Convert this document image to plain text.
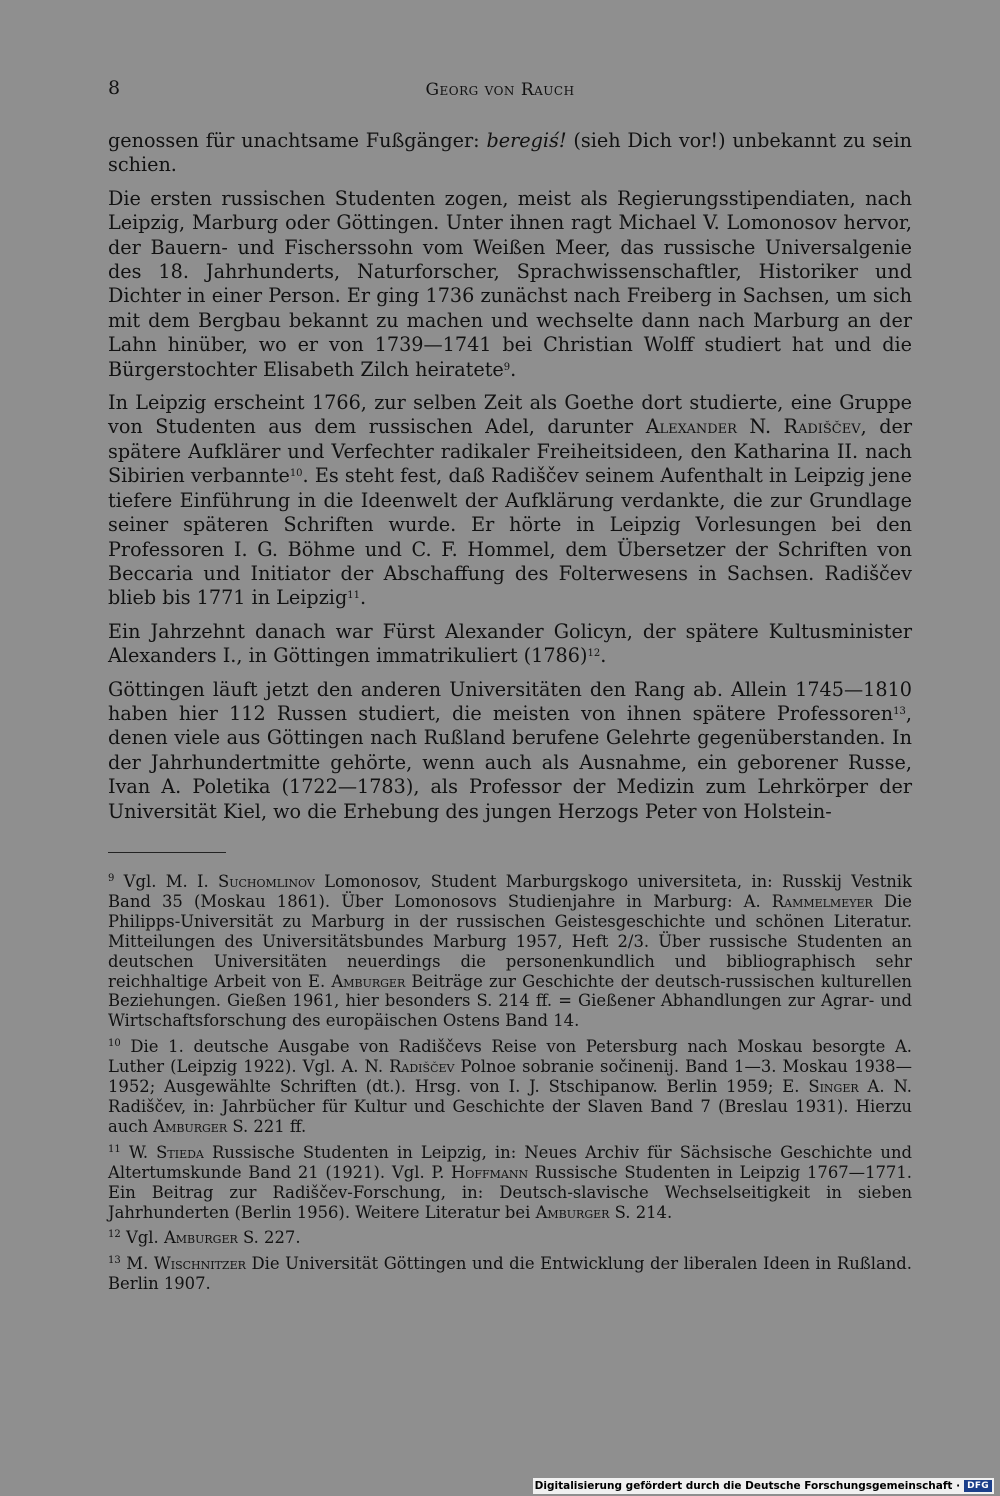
8	Georg von Rauch

genossen für unachtsame Fußgänger: beregiś! (sieh Dich vor!) unbekannt zu sein schien.

Die ersten russischen Studenten zogen, meist als Regierungsstipendiaten, nach Leipzig, Marburg oder Göttingen. Unter ihnen ragt Michael V. Lomonosov hervor, der Bauern- und Fischerssohn vom Weißen Meer, das russische Universalgenie des 18. Jahrhunderts, Naturforscher, Sprachwissenschaftler, Historiker und Dichter in einer Person. Er ging 1736 zunächst nach Freiberg in Sachsen, um sich mit dem Bergbau bekannt zu machen und wechselte dann nach Marburg an der Lahn hinüber, wo er von 1739—1741 bei Christian Wolff studiert hat und die Bürgerstochter Elisabeth Zilch heiratete$^9$.

In Leipzig erscheint 1766, zur selben Zeit als Goethe dort studierte, eine Gruppe von Studenten aus dem russischen Adel, darunter Alexander N. Radiščev, der spätere Aufklärer und Verfechter radikaler Freiheitsideen, den Katharina II. nach Sibirien verbannte$^{10}$. Es steht fest, daß Radiščev seinem Aufenthalt in Leipzig jene tiefere Einführung in die Ideenwelt der Aufklärung verdankte, die zur Grundlage seiner späteren Schriften wurde. Er hörte in Leipzig Vorlesungen bei den Professoren I. G. Böhme und C. F. Hommel, dem Übersetzer der Schriften von Beccaria und Initiator der Abschaffung des Folterwesens in Sachsen. Radiščev blieb bis 1771 in Leipzig$^{11}$.

Ein Jahrzehnt danach war Fürst Alexander Golicyn, der spätere Kultusminister Alexanders I., in Göttingen immatrikuliert $(1786)^{12}$.

Göttingen läuft jetzt den anderen Universitäten den Rang ab. Allein 1745—1810 haben hier 112 Russen studiert, die meisten von ihnen spätere Professoren$^{13}$, denen viele aus Göttingen nach Rußland berufene Gelehrte gegenüberstanden. In der Jahrhundertmitte gehörte, wenn auch als Ausnahme, ein geborener Russe, Ivan A. Poletika (1722—1783), als Professor der Medizin zum Lehrkörper der Universität Kiel, wo die Erhebung des jungen Herzogs Peter von Holstein-

$^9$ Vgl. M. I. Suchomlinov Lomonosov, Student Marburgskogo universiteta, in: Russkij Vestnik Band 35 (Moskau 1861). Über Lomonosovs Studienjahre in Marburg: A. Rammelmeyer Die Philipps-Universität zu Marburg in der russischen Geistesgeschichte und schönen Literatur. Mitteilungen des Universitätsbundes Marburg 1957, Heft 2/3. Über russische Studenten an deutschen Universitäten neuerdings die personenkundlich und bibliographisch sehr reichhaltige Arbeit von E. Amburger Beiträge zur Geschichte der deutsch-russischen kulturellen Beziehungen. Gießen 1961, hier besonders S. 214 ff. = Gießener Abhandlungen zur Agrar- und Wirtschaftsforschung des europäischen Ostens Band 14.
$^{10}$ Die 1. deutsche Ausgabe von Radiščevs Reise von Petersburg nach Moskau besorgte A. Luther (Leipzig 1922). Vgl. A. N. Radiščev Polnoe sobranie sočinenij. Band 1—3. Moskau 1938—1952; Ausgewählte Schriften (dt.). Hrsg. von I. J. Stschipanow. Berlin 1959; E. Singer A. N. Radiščev, in: Jahrbücher für Kultur und Geschichte der Slaven Band 7 (Breslau 1931). Hierzu auch Amburger S. 221 ff.
$^{11}$ W. Stieda Russische Studenten in Leipzig, in: Neues Archiv für Sächsische Geschichte und Altertumskunde Band 21 (1921). Vgl. P. Hoffmann Russische Studenten in Leipzig 1767—1771. Ein Beitrag zur Radiščev-Forschung, in: Deutsch-slavische Wechselseitigkeit in sieben Jahrhunderten (Berlin 1956). Weitere Literatur bei Amburger S. 214.
$^{12}$ Vgl. Amburger S. 227.
$^{13}$ M. Wischnitzer Die Universität Göttingen und die Entwicklung der liberalen Ideen in Rußland. Berlin 1907.
Digitalisierung gefördert durch die Deutsche Forschungsgemeinschaft · DFG
